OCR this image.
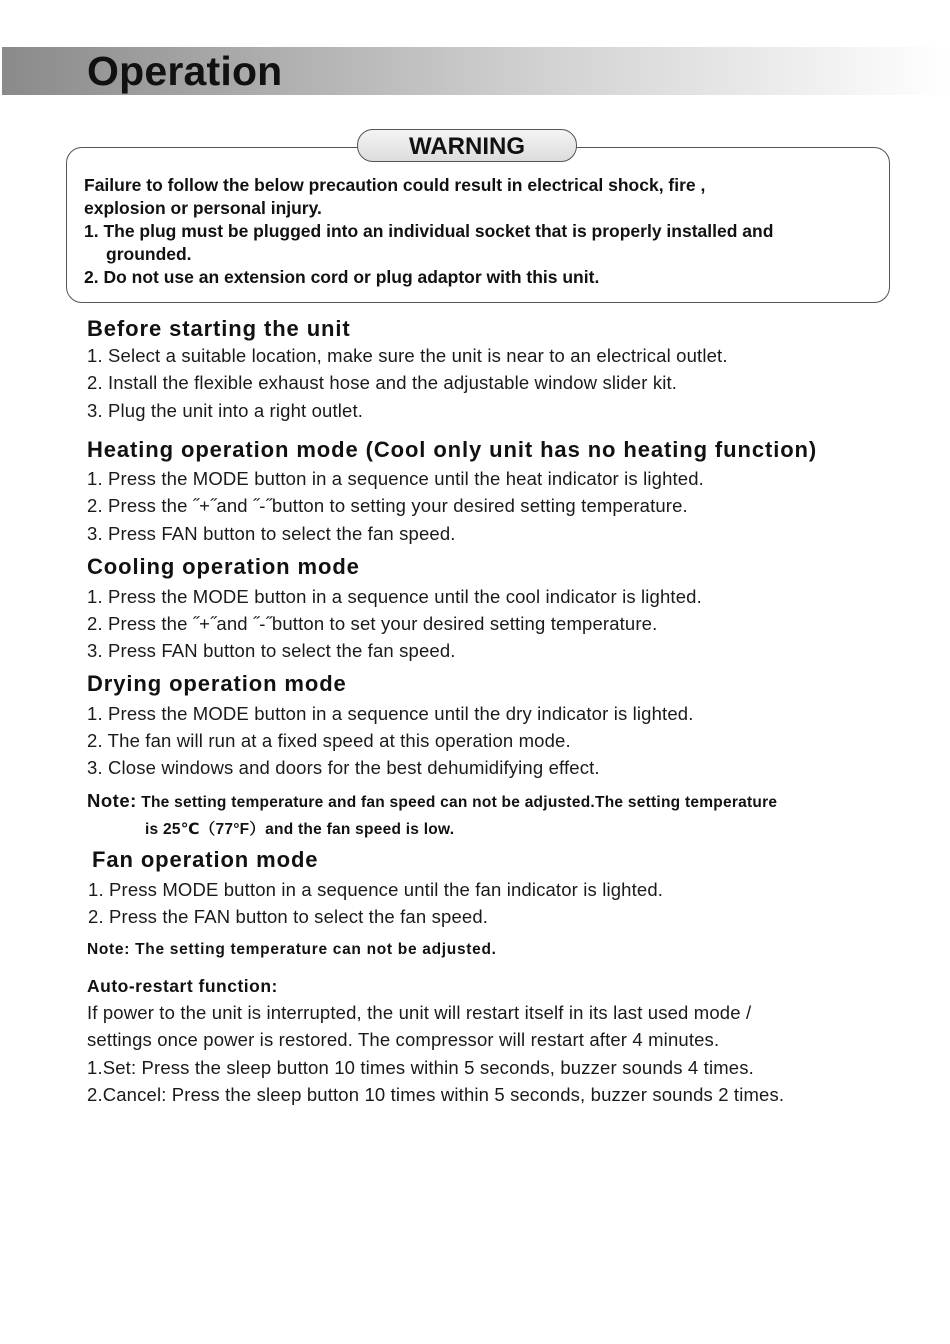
Operation
WARNING
Failure to follow the below precaution could result in electrical shock, fire ,
explosion or personal injury.
1. The plug must be plugged into an individual socket that is properly installed and
grounded.
2. Do not use an extension cord or plug adaptor with this unit.
Before starting the unit

1. Select a suitable location, make sure the unit is near to an electrical outlet.

2. Install the flexible exhaust hose and the adjustable window slider kit.

3. Plug the unit into a right outlet.

Heating operation mode (Cool only unit has no heating function)

1. Press the MODE button in a sequence until the heat indicator is lighted.

2. Press the ˝+˝and ˝-˝button to setting your desired setting temperature.

3. Press FAN button to select the fan speed.

Cooling operation mode

1. Press the MODE button in a sequence until the cool indicator is lighted.

2. Press the ˝+˝and ˝-˝button to set your desired setting temperature.

3. Press FAN button to select the fan speed.

Drying operation mode

1. Press the MODE button in a sequence until the dry indicator is lighted.

2. The fan will run at a fixed speed at this operation mode.

3. Close windows and doors for the best dehumidifying effect.

Note: The setting temperature and fan speed can not be adjusted.The setting temperature

is 25℃（77°F）and the fan speed is low.

Fan operation mode

1. Press MODE button in a sequence until the fan indicator is lighted.

2. Press the FAN button to select the fan speed.

Note: The setting temperature can not be adjusted.

Auto-restart function:

If power to the unit is interrupted, the unit will restart itself in its last used mode /

settings once power is restored. The compressor will restart after 4 minutes.

1.Set: Press the sleep button 10 times within 5 seconds, buzzer sounds 4 times.

2.Cancel: Press the sleep button 10 times within 5 seconds, buzzer sounds 2 times.
